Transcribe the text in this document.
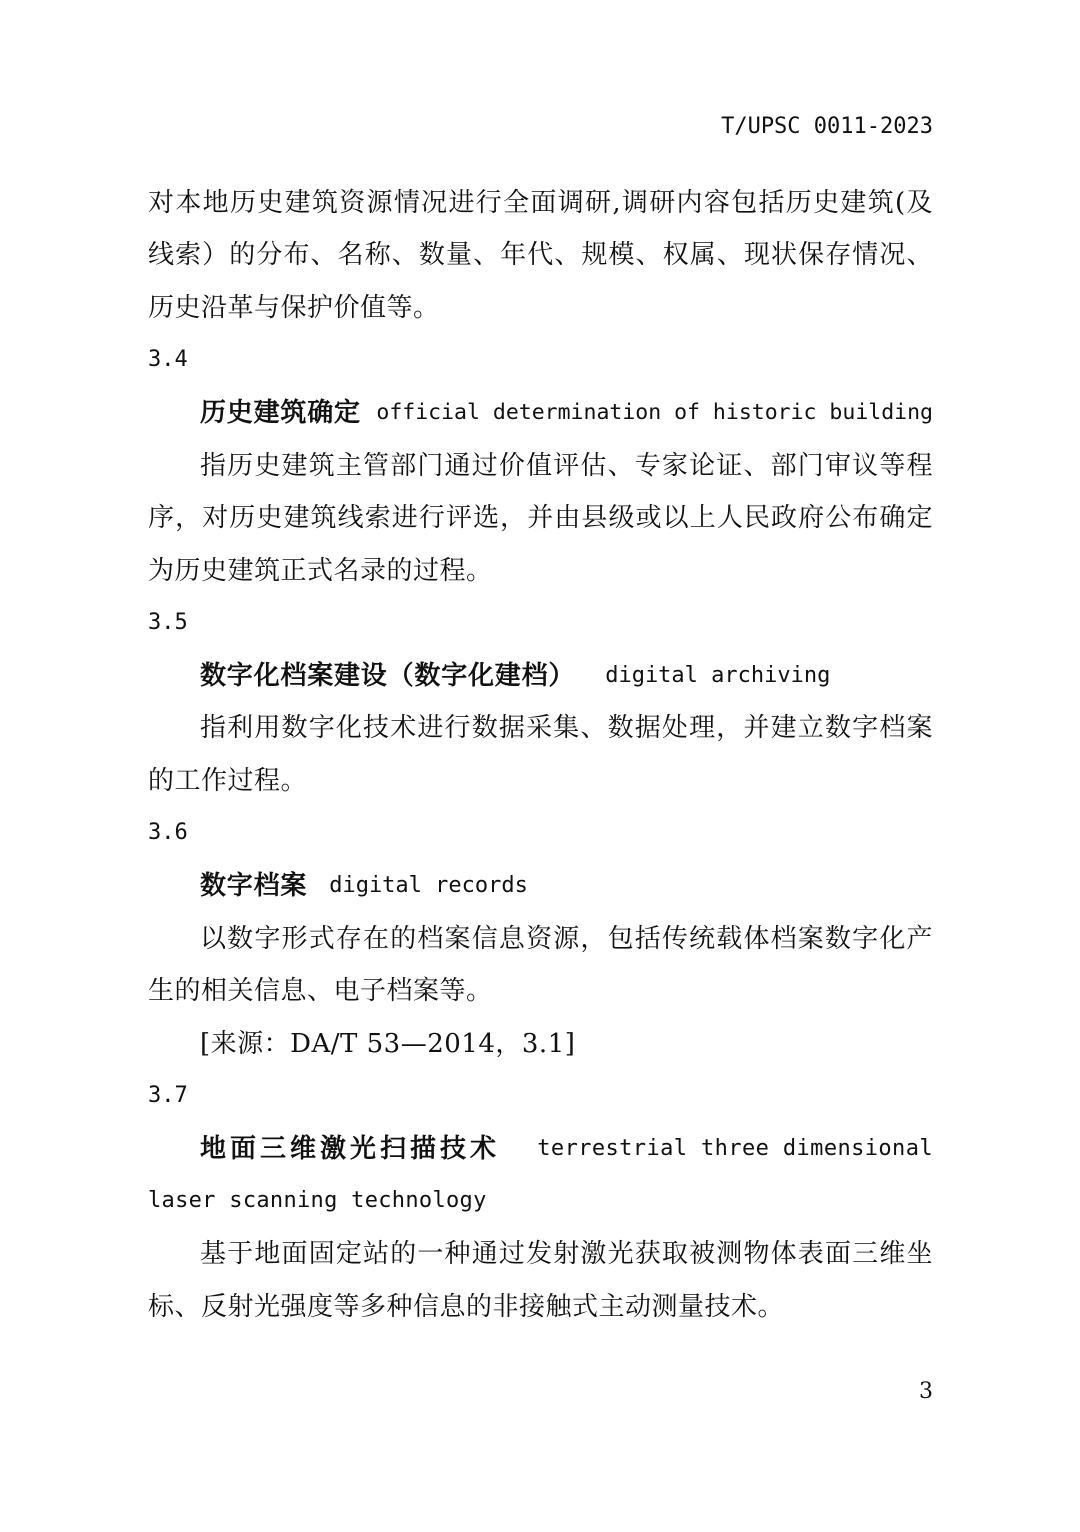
T/UPSC 0011-2023
对本地历史建筑资源情况进行全面调研,调研内容包括历史建筑(及
线索）的分布、名称、数量、年代、规模、权属、现状保存情况、
历史沿革与保护价值等。
3.4
历史建筑确定 official determination of historic building
指历史建筑主管部门通过价值评估、专家论证、部门审议等程
序，对历史建筑线索进行评选，并由县级或以上人民政府公布确定
为历史建筑正式名录的过程。
3.5
数字化档案建设（数字化建档） digital archiving
指利用数字化技术进行数据采集、数据处理，并建立数字档案
的工作过程。
3.6
数字档案 digital records
以数字形式存在的档案信息资源，包括传统载体档案数字化产
生的相关信息、电子档案等。
[来源：DA/T 53—2014，3.1]
3.7
地面三维激光扫描技术 terrestrial three dimensional
laser scanning technology
基于地面固定站的一种通过发射激光获取被测物体表面三维坐
标、反射光强度等多种信息的非接触式主动测量技术。
3
